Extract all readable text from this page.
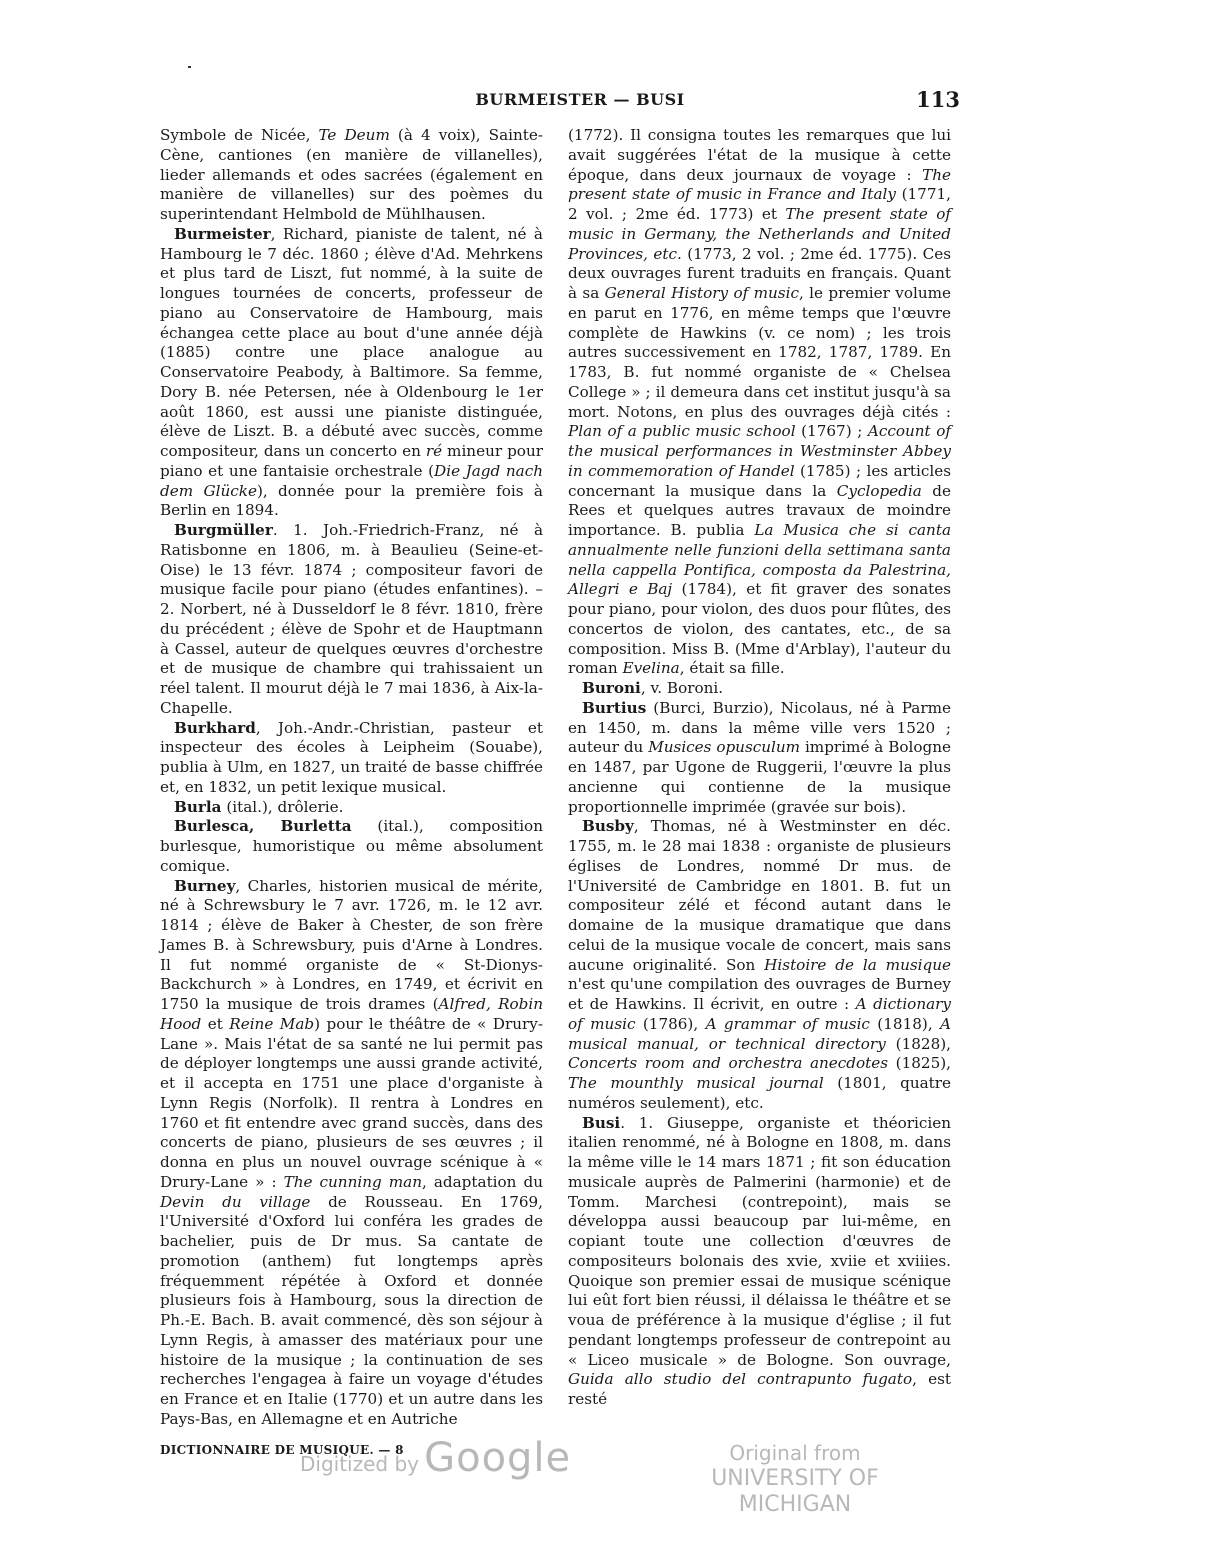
BURMEISTER — BUSI	113

Symbole de Nicée, Te Deum (à 4 voix), Sainte-Cène, cantiones (en manière de villanelles), lieder allemands et odes sacrées (également en manière de villanelles) sur des poèmes du superintendant Helmbold de Mühlhausen.

Burmeister, Richard, pianiste de talent, né à Hambourg le 7 déc. 1860 ; élève d'Ad. Mehrkens et plus tard de Liszt, fut nommé, à la suite de longues tournées de concerts, professeur de piano au Conservatoire de Hambourg, mais échangea cette place au bout d'une année déjà (1885) contre une place analogue au Conservatoire Peabody, à Baltimore. Sa femme, Dory B. née Petersen, née à Oldenbourg le 1er août 1860, est aussi une pianiste distinguée, élève de Liszt. B. a débuté avec succès, comme compositeur, dans un concerto en ré mineur pour piano et une fantaisie orchestrale (Die Jagd nach dem Glücke), donnée pour la première fois à Berlin en 1894.

Burgmüller. 1. Joh.-Friedrich-Franz, né à Ratisbonne en 1806, m. à Beaulieu (Seine-et-Oise) le 13 févr. 1874 ; compositeur favori de musique facile pour piano (études enfantines). – 2. Norbert, né à Dusseldorf le 8 févr. 1810, frère du précédent ; élève de Spohr et de Hauptmann à Cassel, auteur de quelques œuvres d'orchestre et de musique de chambre qui trahissaient un réel talent. Il mourut déjà le 7 mai 1836, à Aix-la-Chapelle.

Burkhard, Joh.-Andr.-Christian, pasteur et inspecteur des écoles à Leipheim (Souabe), publia à Ulm, en 1827, un traité de basse chiffrée et, en 1832, un petit lexique musical.

Burla (ital.), drôlerie.

Burlesca, Burletta (ital.), composition burlesque, humoristique ou même absolument comique.

Burney, Charles, historien musical de mérite, né à Schrewsbury le 7 avr. 1726, m. le 12 avr. 1814 ; élève de Baker à Chester, de son frère James B. à Schrewsbury, puis d'Arne à Londres. Il fut nommé organiste de « St-Dionys-Backchurch » à Londres, en 1749, et écrivit en 1750 la musique de trois drames (Alfred, Robin Hood et Reine Mab) pour le théâtre de « Drury-Lane ». Mais l'état de sa santé ne lui permit pas de déployer longtemps une aussi grande activité, et il accepta en 1751 une place d'organiste à Lynn Regis (Norfolk). Il rentra à Londres en 1760 et fit entendre avec grand succès, dans des concerts de piano, plusieurs de ses œuvres ; il donna en plus un nouvel ouvrage scénique à « Drury-Lane » : The cunning man, adaptation du Devin du village de Rousseau. En 1769, l'Université d'Oxford lui conféra les grades de bachelier, puis de Dr mus. Sa cantate de promotion (anthem) fut longtemps après fréquemment répétée à Oxford et donnée plusieurs fois à Hambourg, sous la direction de Ph.-E. Bach. B. avait commencé, dès son séjour à Lynn Regis, à amasser des matériaux pour une histoire de la musique ; la continuation de ses recherches l'engagea à faire un voyage d'études en France et en Italie (1770) et un autre dans les Pays-Bas, en Allemagne et en Autriche

(1772). Il consigna toutes les remarques que lui avait suggérées l'état de la musique à cette époque, dans deux journaux de voyage : The present state of music in France and Italy (1771, 2 vol. ; 2me éd. 1773) et The present state of music in Germany, the Netherlands and United Provinces, etc. (1773, 2 vol. ; 2me éd. 1775). Ces deux ouvrages furent traduits en français. Quant à sa General History of music, le premier volume en parut en 1776, en même temps que l'œuvre complète de Hawkins (v. ce nom) ; les trois autres successivement en 1782, 1787, 1789. En 1783, B. fut nommé organiste de « Chelsea College » ; il demeura dans cet institut jusqu'à sa mort. Notons, en plus des ouvrages déjà cités : Plan of a public music school (1767) ; Account of the musical performances in Westminster Abbey in commemoration of Handel (1785) ; les articles concernant la musique dans la Cyclopedia de Rees et quelques autres travaux de moindre importance. B. publia La Musica che si canta annualmente nelle funzioni della settimana santa nella cappella Pontifica, composta da Palestrina, Allegri e Baj (1784), et fit graver des sonates pour piano, pour violon, des duos pour flûtes, des concertos de violon, des cantates, etc., de sa composition. Miss B. (Mme d'Arblay), l'auteur du roman Evelina, était sa fille.

Buroni, v. Boroni.

Burtius (Burci, Burzio), Nicolaus, né à Parme en 1450, m. dans la même ville vers 1520 ; auteur du Musices opusculum imprimé à Bologne en 1487, par Ugone de Ruggerii, l'œuvre la plus ancienne qui contienne de la musique proportionnelle imprimée (gravée sur bois).

Busby, Thomas, né à Westminster en déc. 1755, m. le 28 mai 1838 : organiste de plusieurs églises de Londres, nommé Dr mus. de l'Université de Cambridge en 1801. B. fut un compositeur zélé et fécond autant dans le domaine de la musique dramatique que dans celui de la musique vocale de concert, mais sans aucune originalité. Son Histoire de la musique n'est qu'une compilation des ouvrages de Burney et de Hawkins. Il écrivit, en outre : A dictionary of music (1786), A grammar of music (1818), A musical manual, or technical directory (1828), Concerts room and orchestra anecdotes (1825), The mounthly musical journal (1801, quatre numéros seulement), etc.

Busi. 1. Giuseppe, organiste et théoricien italien renommé, né à Bologne en 1808, m. dans la même ville le 14 mars 1871 ; fit son éducation musicale auprès de Palmerini (harmonie) et de Tomm. Marchesi (contrepoint), mais se développa aussi beaucoup par lui-même, en copiant toute une collection d'œuvres de compositeurs bolonais des xvie, xviie et xviiies. Quoique son premier essai de musique scénique lui eût fort bien réussi, il délaissa le théâtre et se voua de préférence à la musique d'église ; il fut pendant longtemps professeur de contrepoint au « Liceo musicale » de Bologne. Son ouvrage, Guida allo studio del contrapunto fugato, est resté

DICTIONNAIRE DE MUSIQUE. — 8
Digitized by Google	Original from
UNIVERSITY OF MICHIGAN
